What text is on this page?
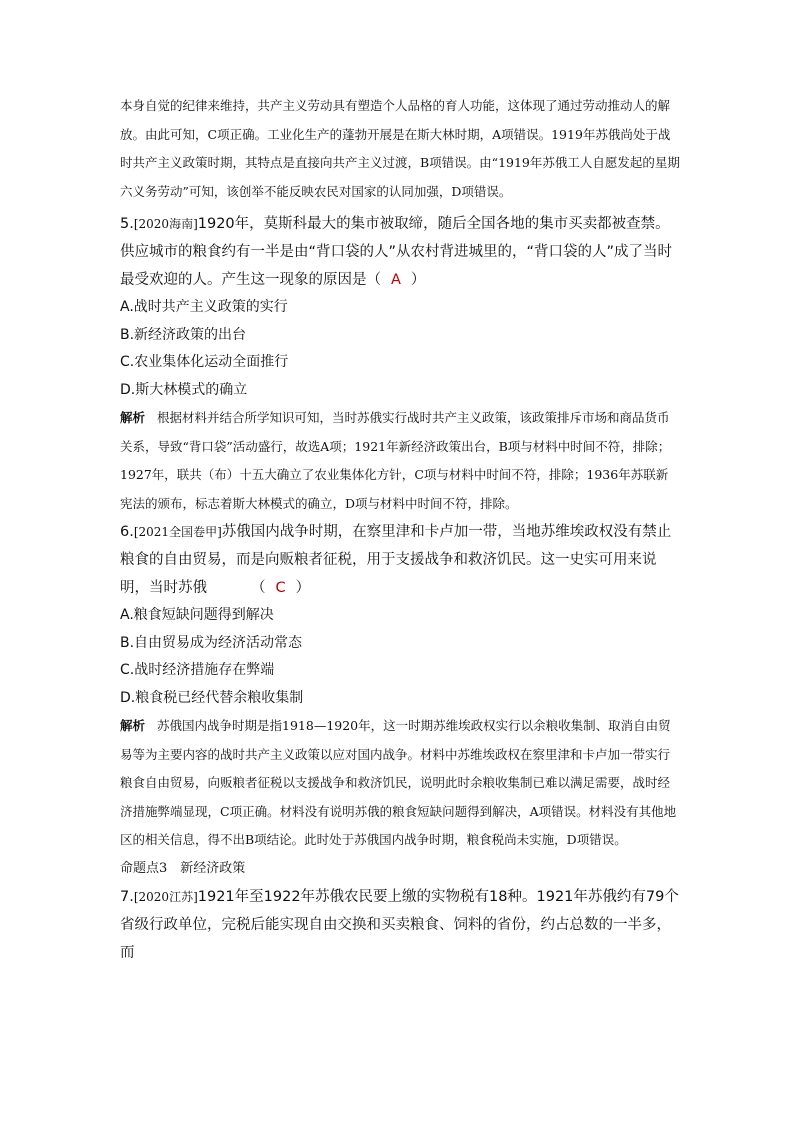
本身自觉的纪律来维持，共产主义劳动具有塑造个人品格的育人功能，这体现了通过劳动推动人的解放。由此可知，C项正确。工业化生产的蓬勃开展是在斯大林时期，A项错误。1919年苏俄尚处于战时共产主义政策时期，其特点是直接向共产主义过渡，B项错误。由“1919年苏俄工人自愿发起的星期六义务劳动”可知，该创举不能反映农民对国家的认同加强，D项错误。

5.[2020海南]1920年，莫斯科最大的集市被取缔，随后全国各地的集市买卖都被查禁。供应城市的粮食约有一半是由“背口袋的人”从农村背进城里的，“背口袋的人”成了当时最受欢迎的人。产生这一现象的原因是（ A ）

A.战时共产主义政策的实行

B.新经济政策的出台

C.农业集体化运动全面推行

D.斯大林模式的确立

解析 根据材料并结合所学知识可知，当时苏俄实行战时共产主义政策，该政策排斥市场和商品货币关系，导致“背口袋”活动盛行，故选A项；1921年新经济政策出台，B项与材料中时间不符，排除；1927年，联共（布）十五大确立了农业集体化方针，C项与材料中时间不符，排除；1936年苏联新宪法的颁布，标志着斯大林模式的确立，D项与材料中时间不符，排除。

6.[2021全国卷甲]苏俄国内战争时期，在察里津和卡卢加一带，当地苏维埃政权没有禁止粮食的自由贸易，而是向贩粮者征税，用于支援战争和救济饥民。这一史实可用来说明，当时苏俄	（ C ）

A.粮食短缺问题得到解决

B.自由贸易成为经济活动常态

C.战时经济措施存在弊端

D.粮食税已经代替余粮收集制

解析 苏俄国内战争时期是指1918—1920年，这一时期苏维埃政权实行以余粮收集制、取消自由贸易等为主要内容的战时共产主义政策以应对国内战争。材料中苏维埃政权在察里津和卡卢加一带实行粮食自由贸易，向贩粮者征税以支援战争和救济饥民，说明此时余粮收集制已难以满足需要，战时经济措施弊端显现，C项正确。材料没有说明苏俄的粮食短缺问题得到解决，A项错误。材料没有其他地区的相关信息，得不出B项结论。此时处于苏俄国内战争时期，粮食税尚未实施，D项错误。

命题点3　新经济政策

7.[2020江苏]1921年至1922年苏俄农民要上缴的实物税有18种。1921年苏俄约有79个省级行政单位，完税后能实现自由交换和买卖粮食、饲料的省份，约占总数的一半多，而
